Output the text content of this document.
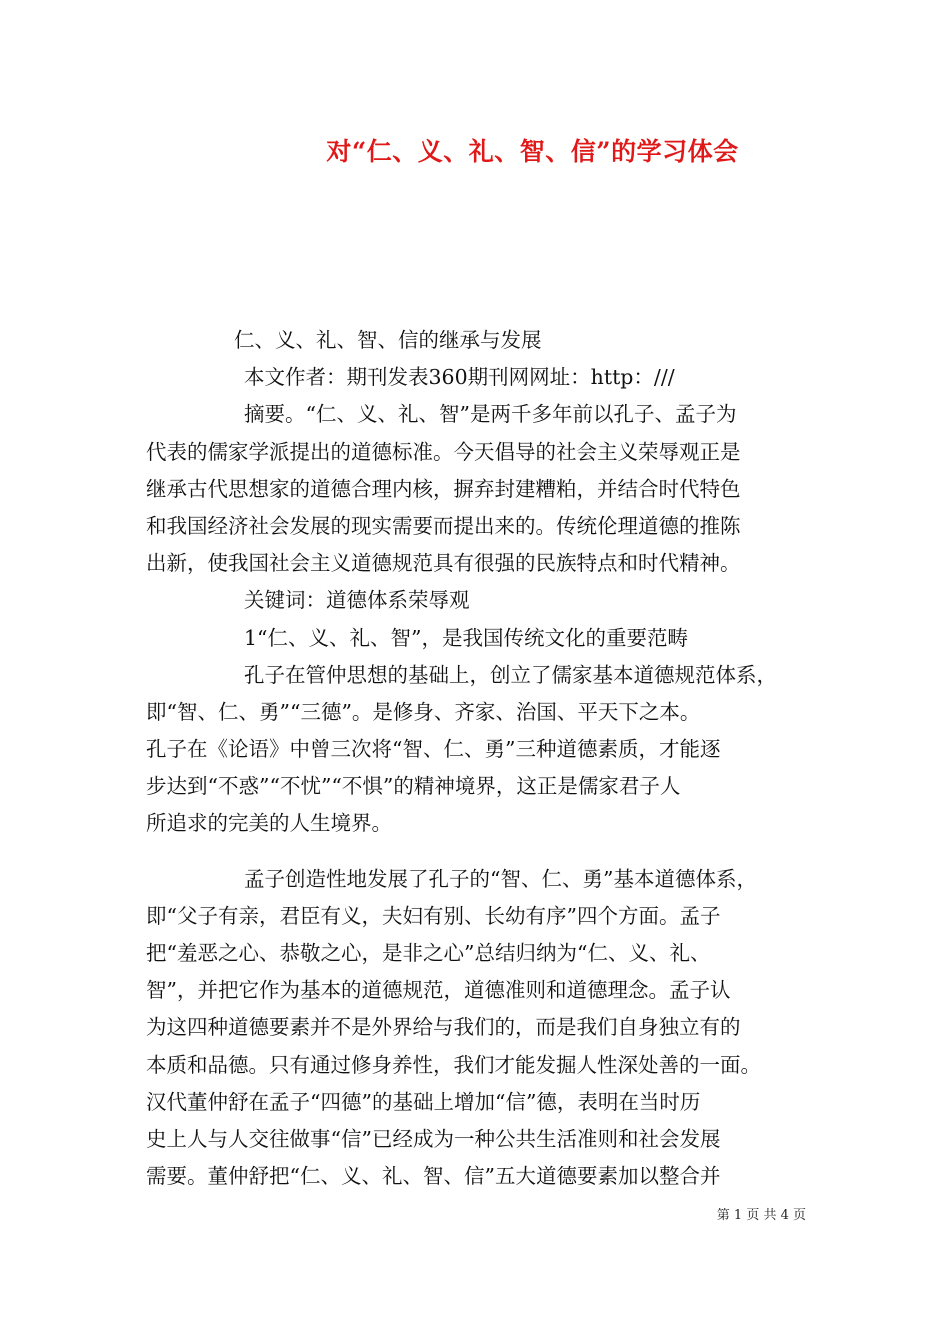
对“仁、义、礼、智、信”的学习体会
仁、义、礼、智、信的继承与发展
本文作者：期刊发表360期刊网网址：http：///
摘要。“仁、义、礼、智”是两千多年前以孔子、孟子为
代表的儒家学派提出的道德标准。今天倡导的社会主义荣辱观正是
继承古代思想家的道德合理内核，摒弃封建糟粕，并结合时代特色
和我国经济社会发展的现实需要而提出来的。传统伦理道德的推陈
出新，使我国社会主义道德规范具有很强的民族特点和时代精神。
关键词：道德体系荣辱观
1“仁、义、礼、智”，是我国传统文化的重要范畴
孔子在管仲思想的基础上，创立了儒家基本道德规范体系，
即“智、仁、勇”“三德”。是修身、齐家、治国、平天下之本。
孔子在《论语》中曾三次将“智、仁、勇”三种道德素质，才能逐
步达到“不惑”“不忧”“不惧”的精神境界，这正是儒家君子人
所追求的完美的人生境界。
孟子创造性地发展了孔子的“智、仁、勇”基本道德体系，
即“父子有亲，君臣有义，夫妇有别、长幼有序”四个方面。孟子
把“羞恶之心、恭敬之心，是非之心”总结归纳为“仁、义、礼、
智”，并把它作为基本的道德规范，道德准则和道德理念。孟子认
为这四种道德要素并不是外界给与我们的，而是我们自身独立有的
本质和品德。只有通过修身养性，我们才能发掘人性深处善的一面。
汉代董仲舒在孟子“四德”的基础上增加“信”德，表明在当时历
史上人与人交往做事“信”已经成为一种公共生活准则和社会发展
需要。董仲舒把“仁、义、礼、智、信”五大道德要素加以整合并
第 1 页 共 4 页
